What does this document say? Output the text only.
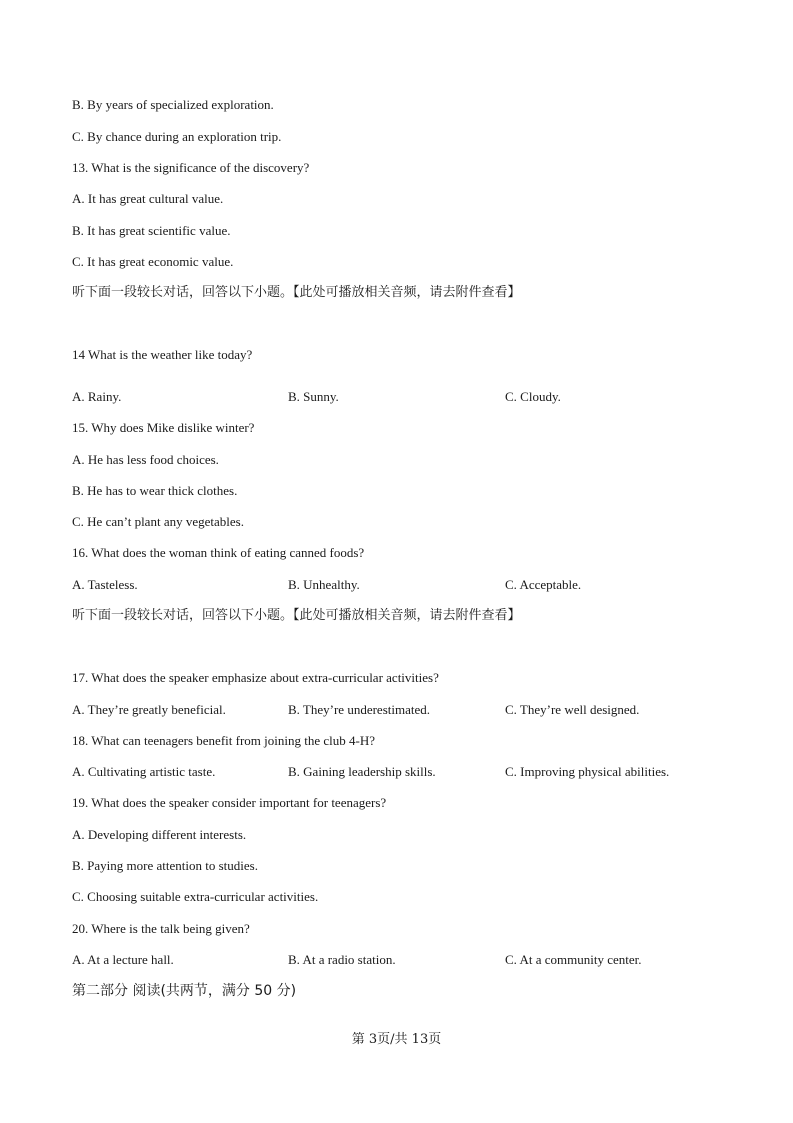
B. By years of specialized exploration.
C. By chance during an exploration trip.
13. What is the significance of the discovery?
A. It has great cultural value.
B. It has great scientific value.
C. It has great economic value.
听下面一段较长对话，回答以下小题。【此处可播放相关音频，请去附件查看】
14 What is the weather like today?
A. Rainy.	B. Sunny.	C. Cloudy.
15. Why does Mike dislike winter?
A. He has less food choices.
B. He has to wear thick clothes.
C. He can’t plant any vegetables.
16. What does the woman think of eating canned foods?
A. Tasteless.	B. Unhealthy.	C. Acceptable.
听下面一段较长对话，回答以下小题。【此处可播放相关音频，请去附件查看】
17. What does the speaker emphasize about extra-curricular activities?
A. They’re greatly beneficial.	B. They’re underestimated.	C. They’re well designed.
18. What can teenagers benefit from joining the club 4-H?
A. Cultivating artistic taste.	B. Gaining leadership skills.	C. Improving physical abilities.
19. What does the speaker consider important for teenagers?
A. Developing different interests.
B. Paying more attention to studies.
C. Choosing suitable extra-curricular activities.
20. Where is the talk being given?
A. At a lecture hall.	B. At a radio station.	C. At a community center.
第二部分 阅读(共两节，满分 50 分)
第 3页/共 13页
